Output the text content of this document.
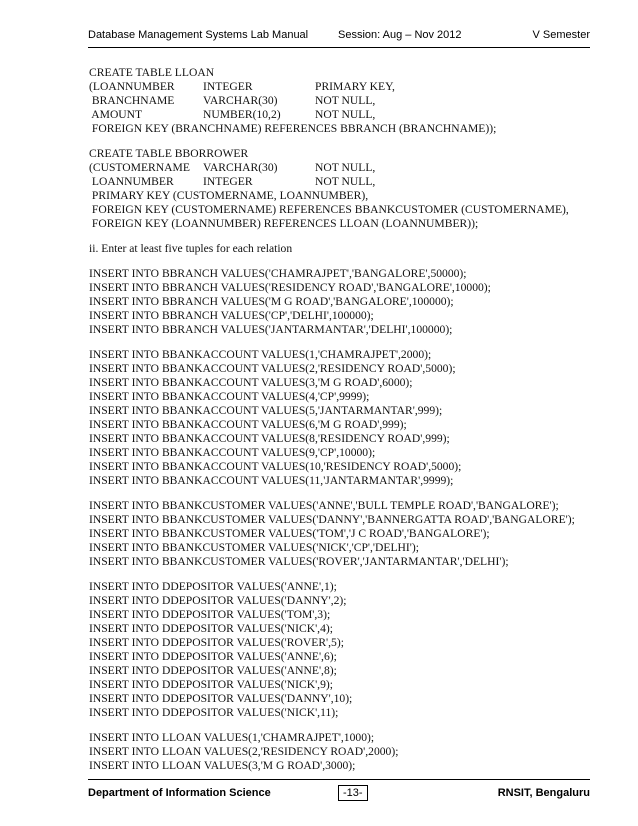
Database Management Systems Lab Manual	Session: Aug – Nov 2012	V Semester
CREATE TABLE LLOAN
(LOANNUMBER INTEGER	PRIMARY KEY,
BRANCHNAME VARCHAR(30)	NOT NULL,
AMOUNT	NUMBER(10,2)	NOT NULL,
FOREIGN KEY (BRANCHNAME) REFERENCES BBRANCH (BRANCHNAME));
CREATE TABLE BBORROWER
(CUSTOMERNAME VARCHAR(30)	NOT NULL,
LOANNUMBER	INTEGER	NOT NULL,
PRIMARY KEY (CUSTOMERNAME, LOANNUMBER),
FOREIGN KEY (CUSTOMERNAME) REFERENCES BBANKCUSTOMER (CUSTOMERNAME),
FOREIGN KEY (LOANNUMBER) REFERENCES LLOAN (LOANNUMBER));
ii. Enter at least five tuples for each relation
INSERT INTO BBRANCH VALUES('CHAMRAJPET','BANGALORE',50000);
INSERT INTO BBRANCH VALUES('RESIDENCY ROAD','BANGALORE',10000);
INSERT INTO BBRANCH VALUES('M G ROAD','BANGALORE',100000);
INSERT INTO BBRANCH VALUES('CP','DELHI',100000);
INSERT INTO BBRANCH VALUES('JANTARMANTAR','DELHI',100000);
INSERT INTO BBANKACCOUNT VALUES(1,'CHAMRAJPET',2000);
INSERT INTO BBANKACCOUNT VALUES(2,'RESIDENCY ROAD',5000);
INSERT INTO BBANKACCOUNT VALUES(3,'M G ROAD',6000);
INSERT INTO BBANKACCOUNT VALUES(4,'CP',9999);
INSERT INTO BBANKACCOUNT VALUES(5,'JANTARMANTAR',999);
INSERT INTO BBANKACCOUNT VALUES(6,'M G ROAD',999);
INSERT INTO BBANKACCOUNT VALUES(8,'RESIDENCY ROAD',999);
INSERT INTO BBANKACCOUNT VALUES(9,'CP',10000);
INSERT INTO BBANKACCOUNT VALUES(10,'RESIDENCY ROAD',5000);
INSERT INTO BBANKACCOUNT VALUES(11,'JANTARMANTAR',9999);
INSERT INTO BBANKCUSTOMER VALUES('ANNE','BULL TEMPLE ROAD','BANGALORE');
INSERT INTO BBANKCUSTOMER VALUES('DANNY','BANNERGATTA ROAD','BANGALORE');
INSERT INTO BBANKCUSTOMER VALUES('TOM','J C ROAD','BANGALORE');
INSERT INTO BBANKCUSTOMER VALUES('NICK','CP','DELHI');
INSERT INTO BBANKCUSTOMER VALUES('ROVER','JANTARMANTAR','DELHI');
INSERT INTO DDEPOSITOR VALUES('ANNE',1);
INSERT INTO DDEPOSITOR VALUES('DANNY',2);
INSERT INTO DDEPOSITOR VALUES('TOM',3);
INSERT INTO DDEPOSITOR VALUES('NICK',4);
INSERT INTO DDEPOSITOR VALUES('ROVER',5);
INSERT INTO DDEPOSITOR VALUES('ANNE',6);
INSERT INTO DDEPOSITOR VALUES('ANNE',8);
INSERT INTO DDEPOSITOR VALUES('NICK',9);
INSERT INTO DDEPOSITOR VALUES('DANNY',10);
INSERT INTO DDEPOSITOR VALUES('NICK',11);
INSERT INTO LLOAN VALUES(1,'CHAMRAJPET',1000);
INSERT INTO LLOAN VALUES(2,'RESIDENCY ROAD',2000);
INSERT INTO LLOAN VALUES(3,'M G ROAD',3000);
Department of Information Science	-13-	RNSIT, Bengaluru
